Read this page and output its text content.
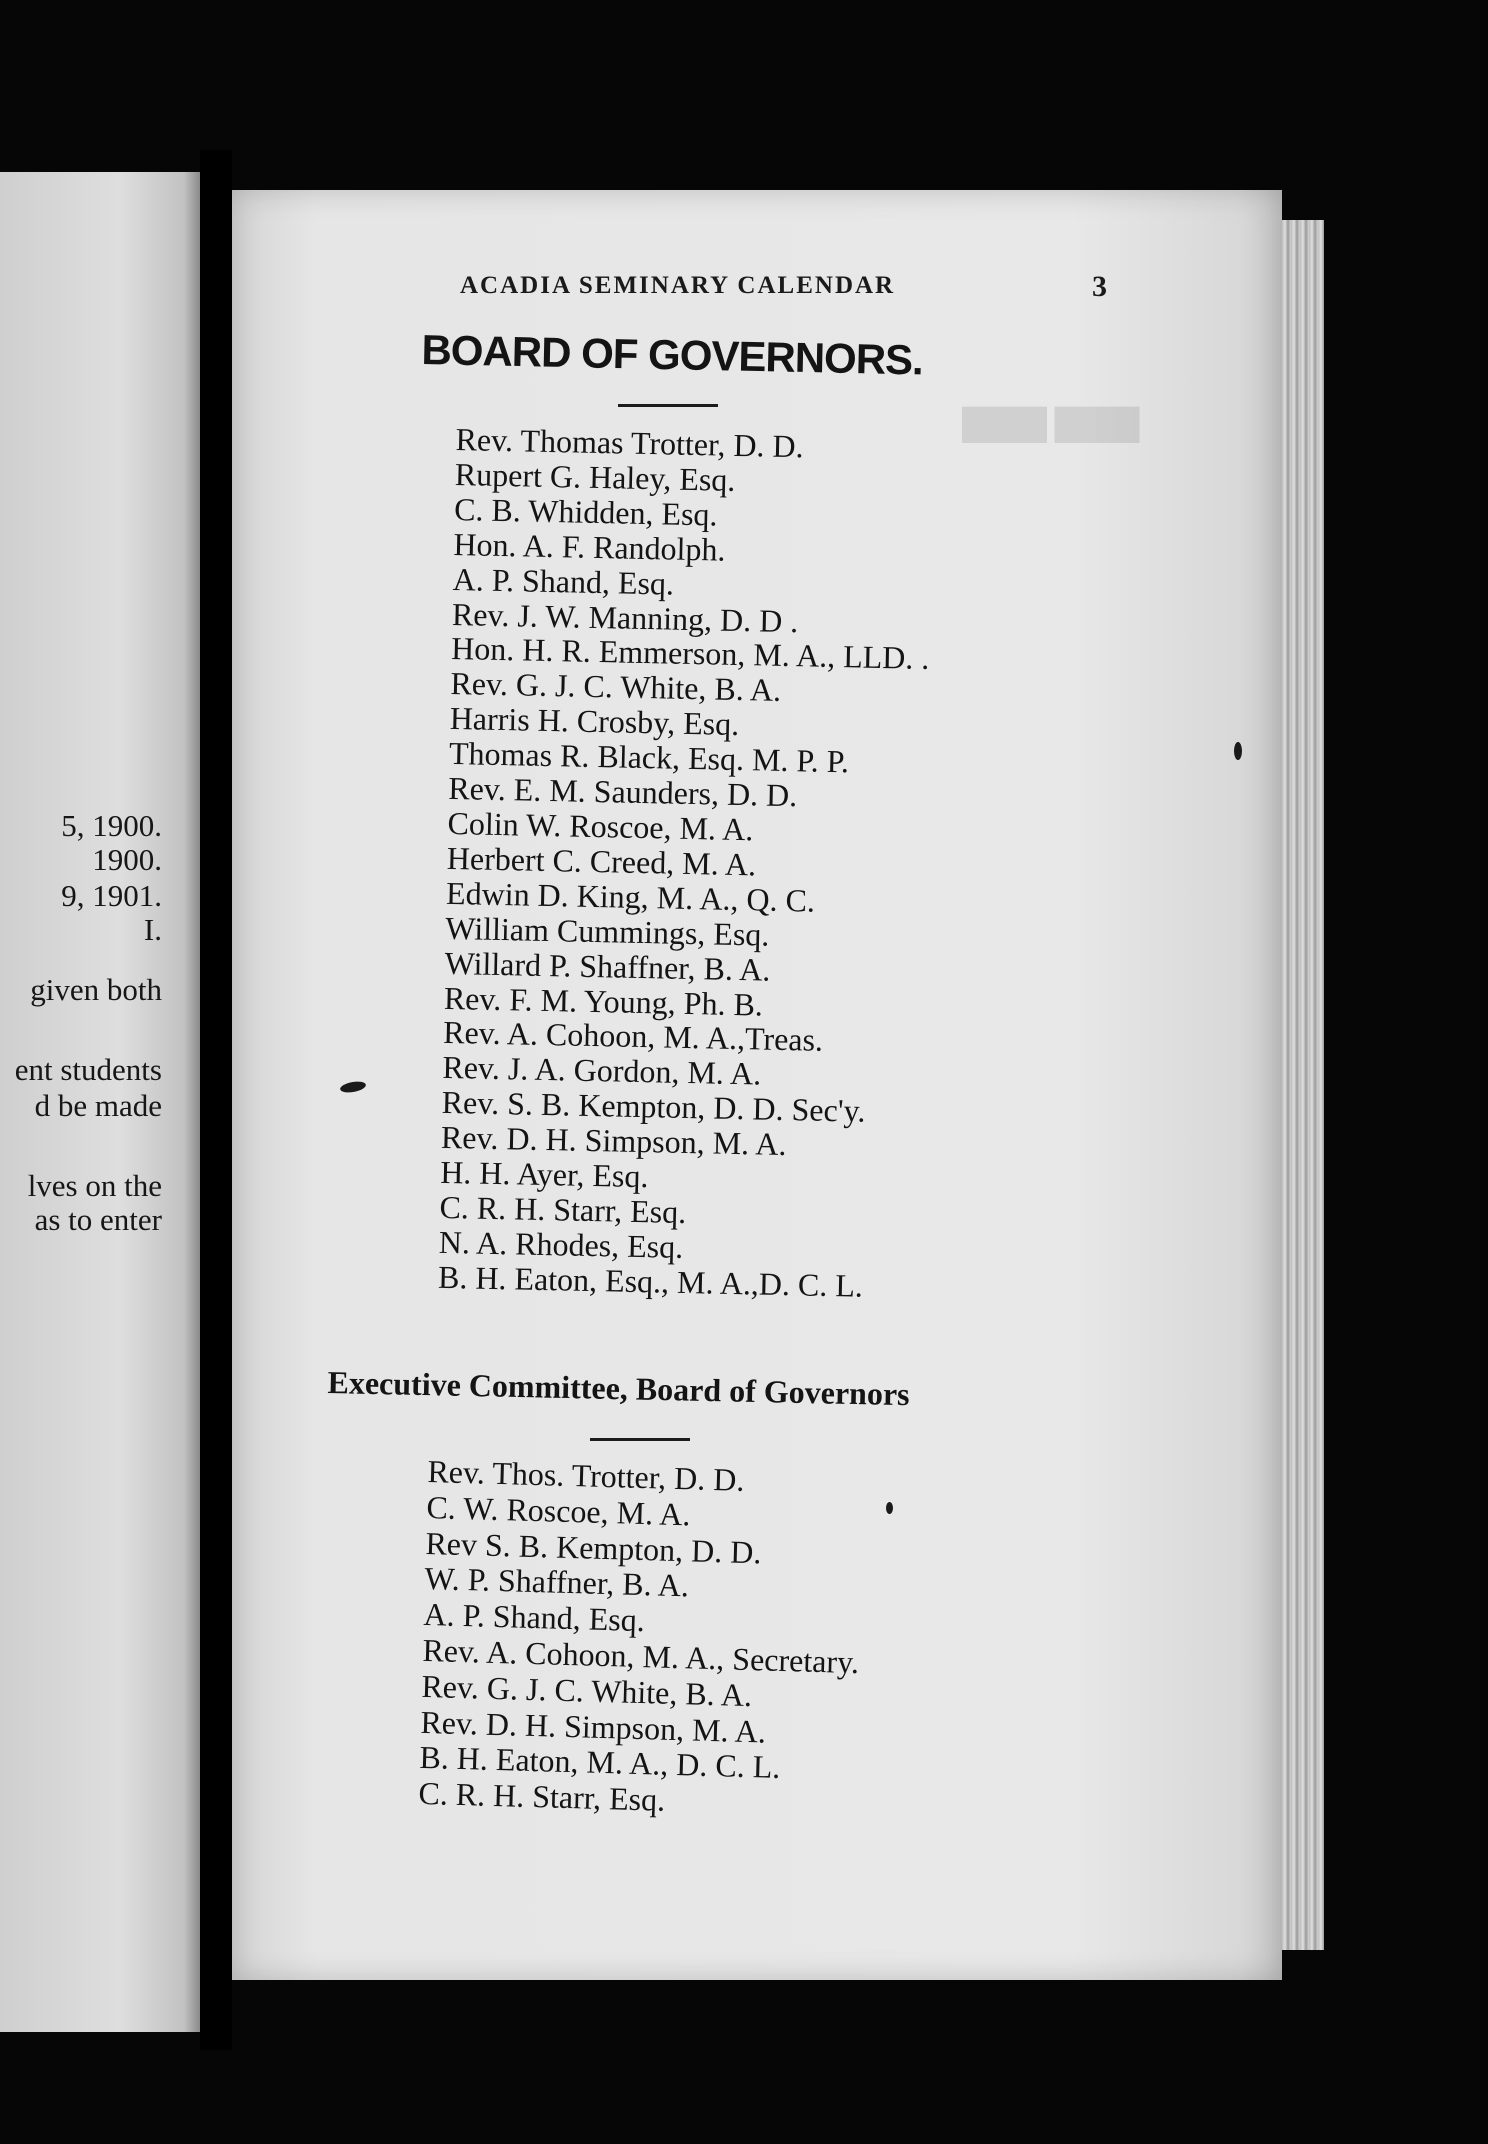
5, 1900.
1900.
9, 1901.
I.
given both
ent students
d be made
lves on the
as to enter
████ ████
ACADIA SEMINARY CALENDAR	3
BOARD OF GOVERNORS.
Rev. Thomas Trotter, D. D.
Rupert G. Haley, Esq.
C. B. Whidden, Esq.
Hon. A. F. Randolph.
A. P. Shand, Esq.
Rev. J. W. Manning, D. D .
Hon. H. R. Emmerson, M. A., LLD. .
Rev. G. J. C. White, B. A.
Harris H. Crosby, Esq.
Thomas R. Black, Esq. M. P. P.
Rev. E. M. Saunders, D. D.
Colin W. Roscoe, M. A.
Herbert C. Creed, M. A.
Edwin D. King, M. A., Q. C.
William Cummings, Esq.
Willard P. Shaffner, B. A.
Rev. F. M. Young, Ph. B.
Rev. A. Cohoon, M. A.,Treas.
Rev. J. A. Gordon, M. A.
Rev. S. B. Kempton, D. D. Sec'y.
Rev. D. H. Simpson, M. A.
H. H. Ayer, Esq.
C. R. H. Starr, Esq.
N. A. Rhodes, Esq.
B. H. Eaton, Esq., M. A.,D. C. L.
Executive Committee, Board of Governors
Rev. Thos. Trotter, D. D.
C. W. Roscoe, M. A.
Rev S. B. Kempton, D. D.
W. P. Shaffner, B. A.
A. P. Shand, Esq.
Rev. A. Cohoon, M. A., Secretary.
Rev. G. J. C. White, B. A.
Rev. D. H. Simpson, M. A.
B. H. Eaton, M. A., D. C. L.
C. R. H. Starr, Esq.
